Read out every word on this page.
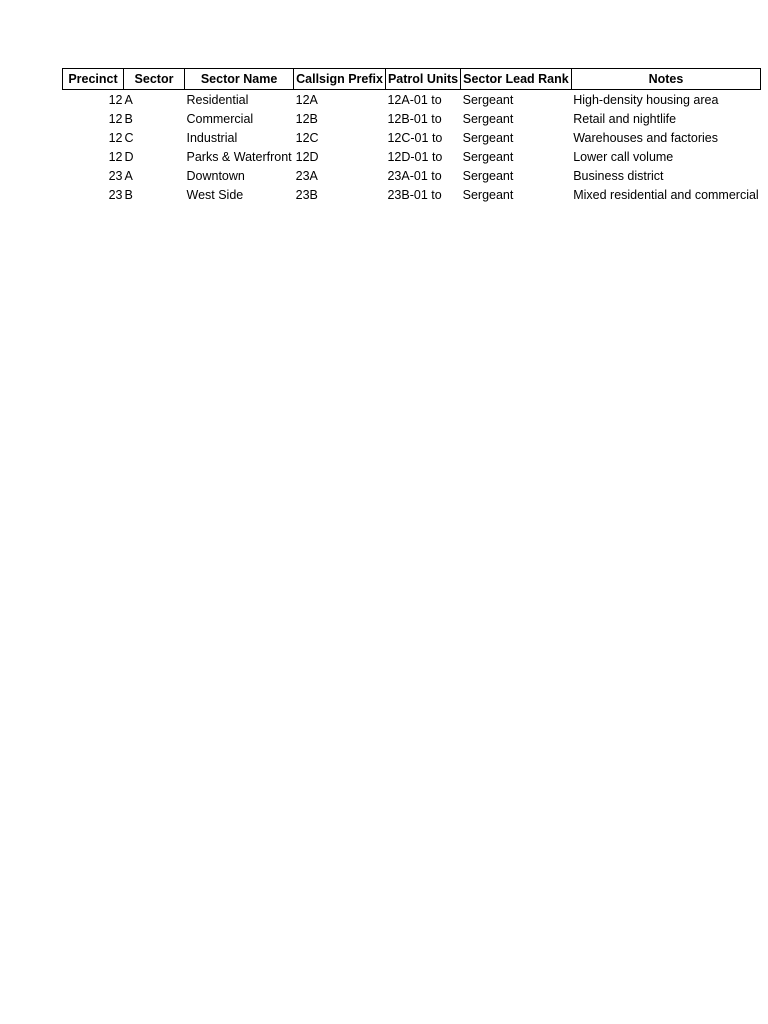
Precinct	Sector	Sector Name	Callsign Prefix	Patrol Units	Sector Lead Rank	Notes
12	A	Residential	12A	12A-01 to	Sergeant	High-density housing area
12	B	Commercial	12B	12B-01 to	Sergeant	Retail and nightlife
12	C	Industrial	12C	12C-01 to	Sergeant	Warehouses and factories
12	D	Parks & Waterfront	12D	12D-01 to	Sergeant	Lower call volume
23	A	Downtown	23A	23A-01 to	Sergeant	Business district
23	B	West Side	23B	23B-01 to	Sergeant	Mixed residential and commercial
